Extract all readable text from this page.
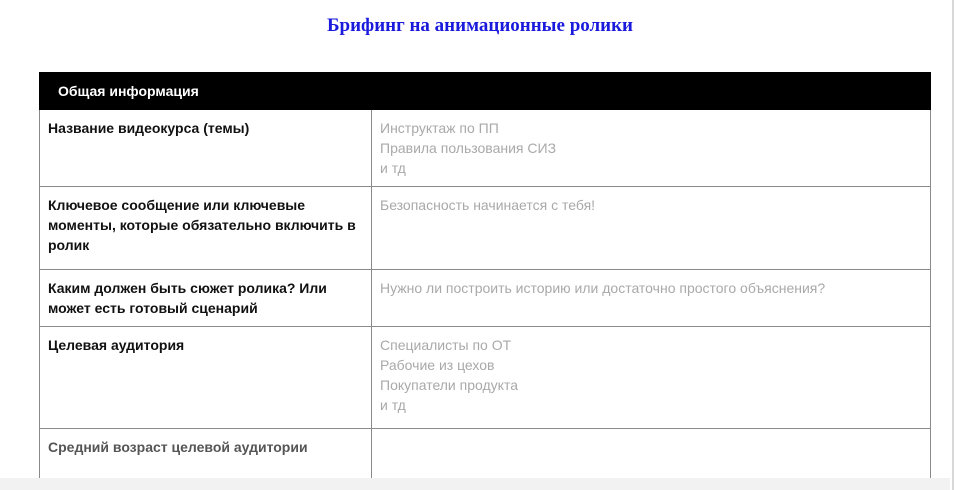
Брифинг на анимационные ролики
Общая информация	
Название видеокурса (темы)	Инструктаж по ПП
Правила пользования СИЗ
и тд

Ключевое сообщение или ключевые моменты, которые обязательно включить в ролик	Безопасность начинается с тебя!

Каким должен быть сюжет ролика? Или может есть готовый сценарий	Нужно ли построить историю или достаточно простого объяснения?

Целевая аудитория	Специалисты по ОТ
Рабочие из цехов
Покупатели продукта
и тд

Средний возраст целевой аудитории	
